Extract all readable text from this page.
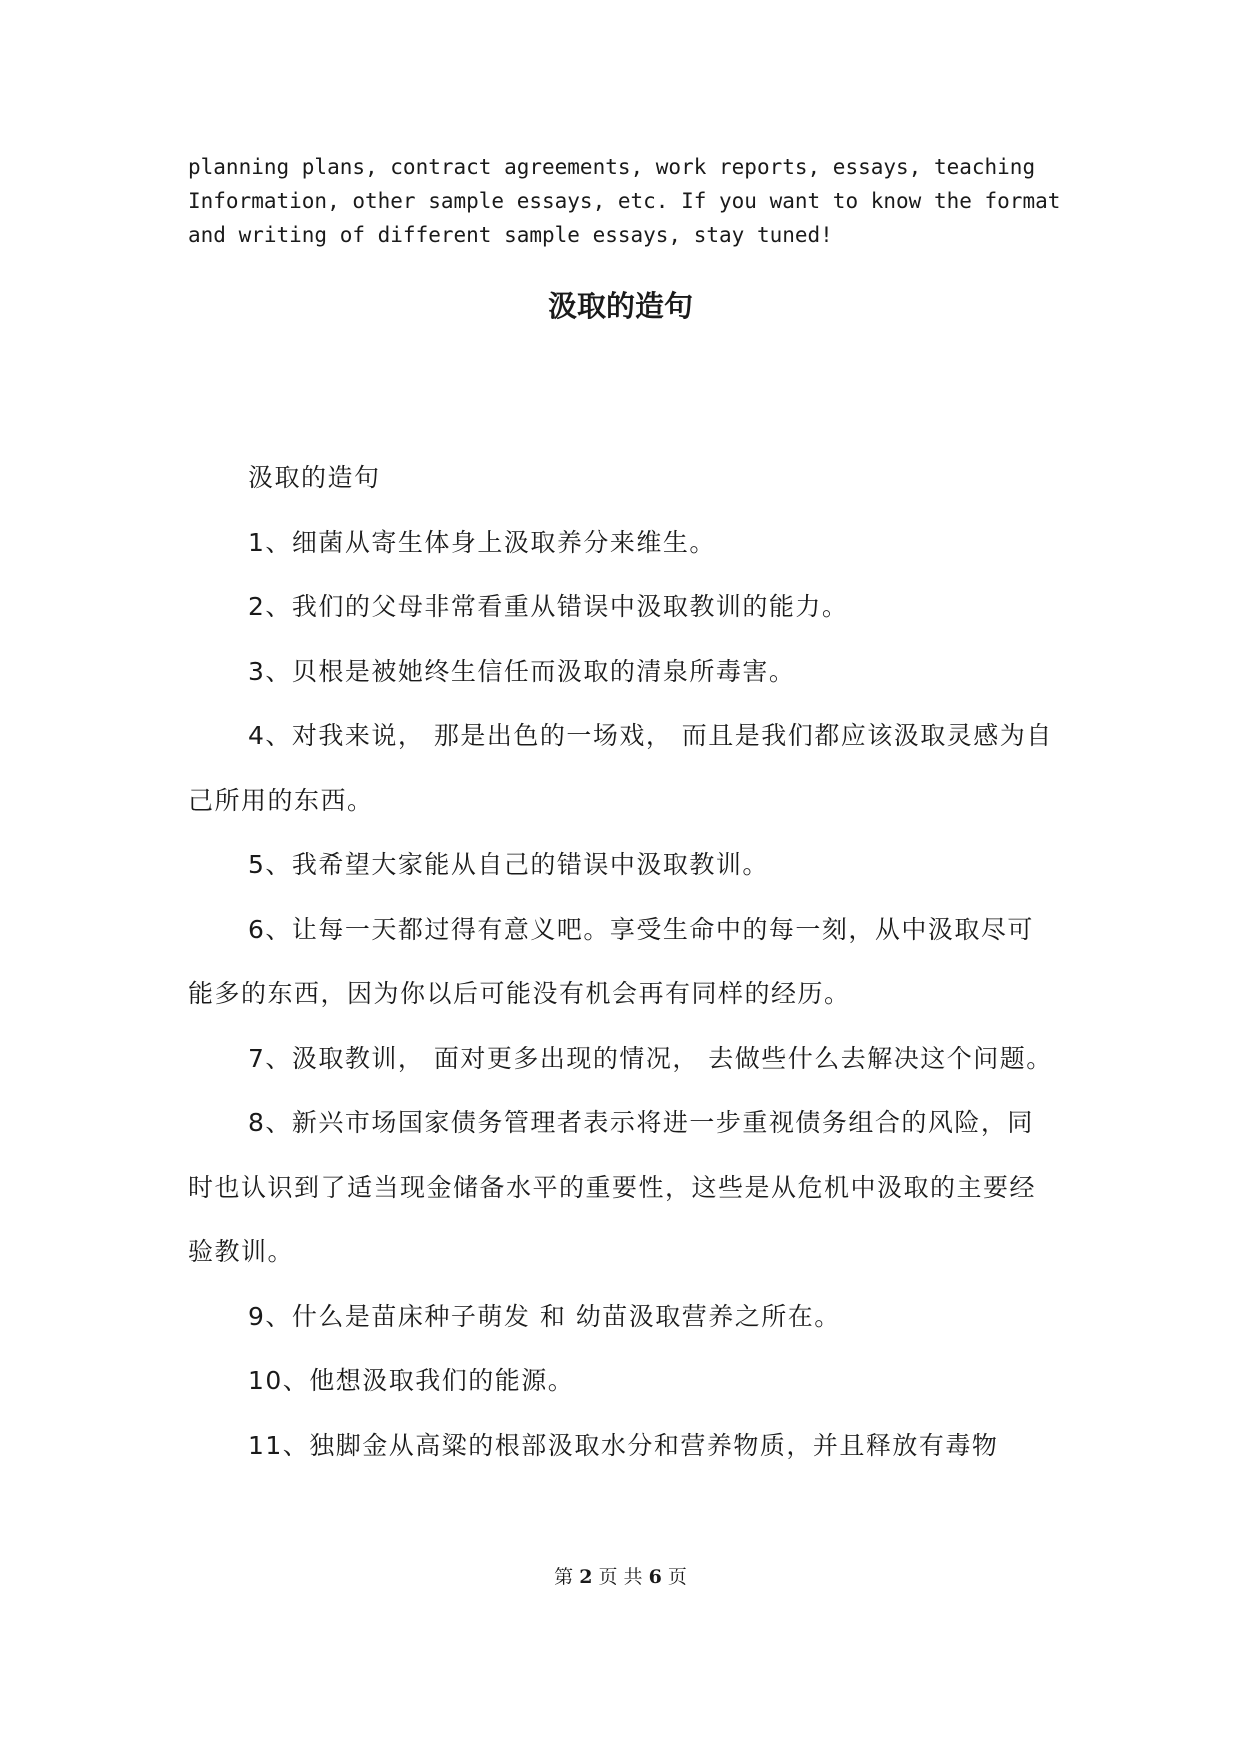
planning plans, contract agreements, work reports, essays, teaching Information, other sample essays, etc. If you want to know the format and writing of different sample essays, stay tuned!

汲取的造句

汲取的造句

1、细菌从寄生体身上汲取养分来维生。

2、我们的父母非常看重从错误中汲取教训的能力。

3、贝根是被她终生信任而汲取的清泉所毒害。

4、对我来说， 那是出色的一场戏， 而且是我们都应该汲取灵感为自己所用的东西。

5、我希望大家能从自己的错误中汲取教训。

6、让每一天都过得有意义吧。享受生命中的每一刻，从中汲取尽可能多的东西，因为你以后可能没有机会再有同样的经历。

7、汲取教训， 面对更多出现的情况， 去做些什么去解决这个问题。

8、新兴市场国家债务管理者表示将进一步重视债务组合的风险，同时也认识到了适当现金储备水平的重要性，这些是从危机中汲取的主要经验教训。

9、什么是苗床种子萌发 和 幼苗汲取营养之所在。

10、他想汲取我们的能源。

11、独脚金从高粱的根部汲取水分和营养物质，并且释放有毒物

第 2 页 共 6 页
